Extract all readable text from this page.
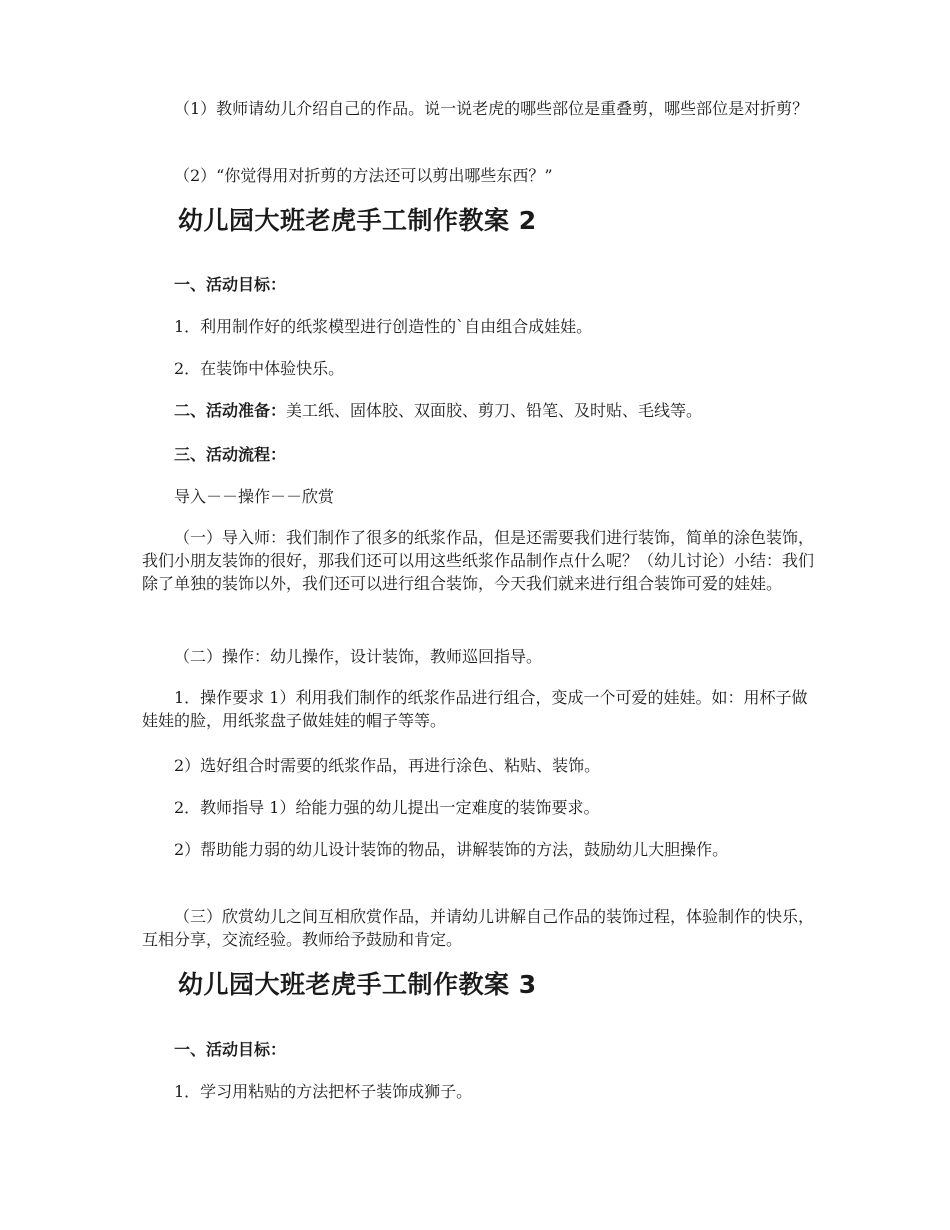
（1）教师请幼儿介绍自己的作品。说一说老虎的哪些部位是重叠剪，哪些部位是对折剪？

（2）“你觉得用对折剪的方法还可以剪出哪些东西？”

幼儿园大班老虎手工制作教案 2

一、活动目标：

1．利用制作好的纸浆模型进行创造性的`自由组合成娃娃。

2．在装饰中体验快乐。

二、活动准备：美工纸、固体胶、双面胶、剪刀、铅笔、及时贴、毛线等。

三、活动流程：

导入－－操作－－欣赏

（一）导入师：我们制作了很多的纸浆作品，但是还需要我们进行装饰，简单的涂色装饰，我们小朋友装饰的很好，那我们还可以用这些纸浆作品制作点什么呢？（幼儿讨论）小结：我们除了单独的装饰以外，我们还可以进行组合装饰，今天我们就来进行组合装饰可爱的娃娃。

（二）操作：幼儿操作，设计装饰，教师巡回指导。

1．操作要求 1）利用我们制作的纸浆作品进行组合，变成一个可爱的娃娃。如：用杯子做娃娃的脸，用纸浆盘子做娃娃的帽子等等。

2）选好组合时需要的纸浆作品，再进行涂色、粘贴、装饰。

2．教师指导 1）给能力强的幼儿提出一定难度的装饰要求。

2）帮助能力弱的幼儿设计装饰的物品，讲解装饰的方法，鼓励幼儿大胆操作。

（三）欣赏幼儿之间互相欣赏作品，并请幼儿讲解自己作品的装饰过程，体验制作的快乐，互相分享，交流经验。教师给予鼓励和肯定。

幼儿园大班老虎手工制作教案 3

一、活动目标：

1．学习用粘贴的方法把杯子装饰成狮子。
